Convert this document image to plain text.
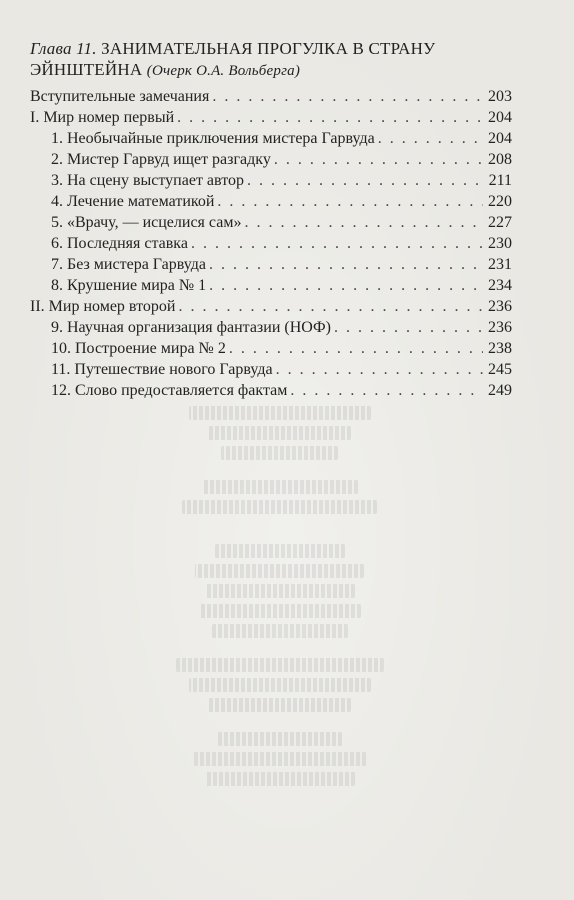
Глава 11. ЗАНИМАТЕЛЬНАЯ ПРОГУЛКА В СТРАНУ
ЭЙНШТЕЙНА (Очерк О.А. Вольберга)
Вступительные замечания . . .	203
I. Мир номер первый . . .	204
1. Необычайные приключения мистера Гарвуда . . .	204
2. Мистер Гарвуд ищет разгадку . . .	208
3. На сцену выступает автор . . .	211
4. Лечение математикой . . .	220
5. «Врачу, — исцелися сам» . . .	227
6. Последняя ставка . . .	230
7. Без мистера Гарвуда . . .	231
8. Крушение мира № 1 . . .	234
II. Мир номер второй . . .	236
9. Научная организация фантазии (НОФ) . . .	236
10. Построение мира № 2 . . .	238
11. Путешествие нового Гарвуда . . .	245
12. Слово предоставляется фактам . . .	249
